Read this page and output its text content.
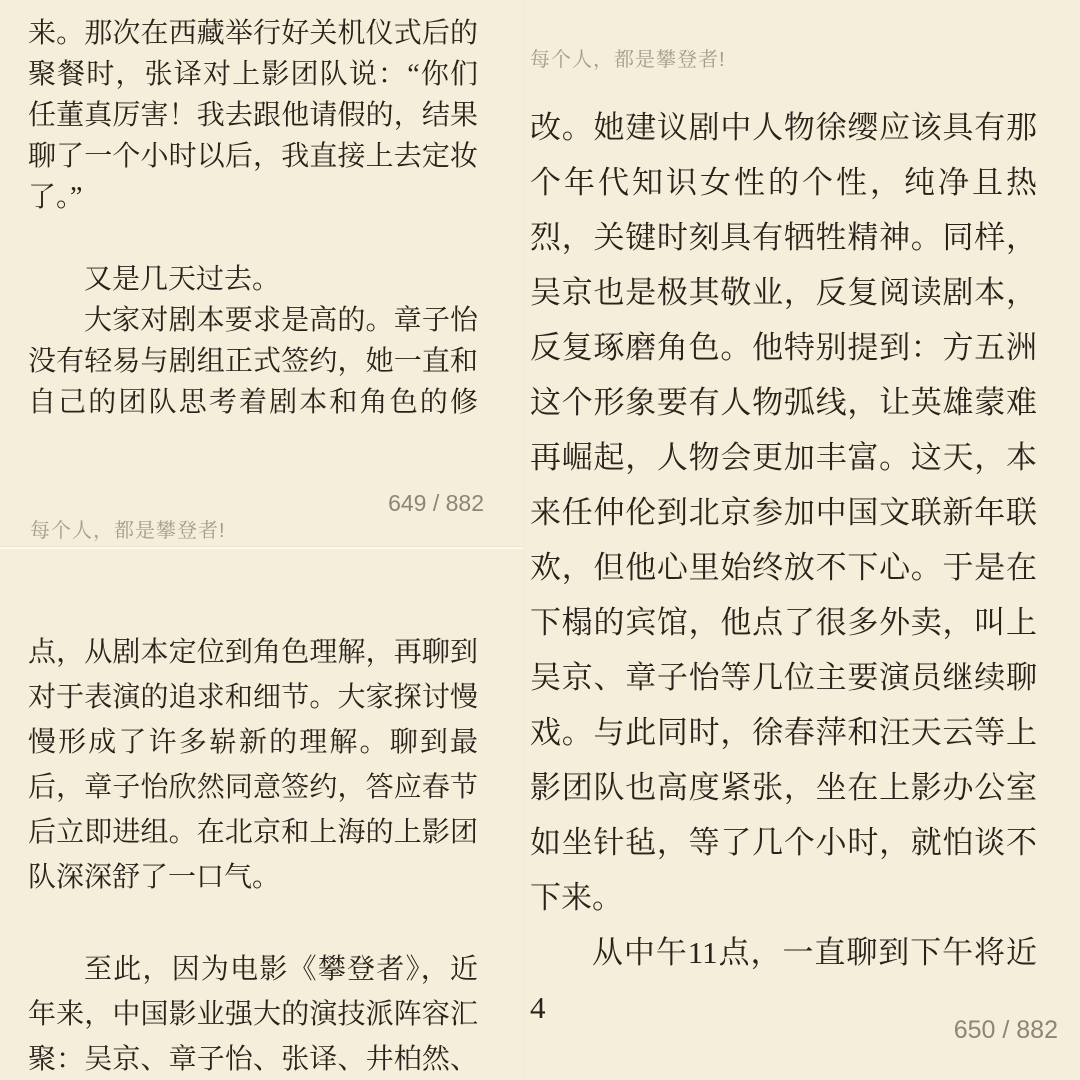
来。那次在西藏举行好关机仪式后的
聚餐时，张译对上影团队说：“你们
任董真厉害！我去跟他请假的，结果
聊了一个小时以后，我直接上去定妆
了。”
又是几天过去。
大家对剧本要求是高的。章子怡
没有轻易与剧组正式签约，她一直和
自己的团队思考着剧本和角色的修
649 / 882
每个人，都是攀登者!
点，从剧本定位到角色理解，再聊到
对于表演的追求和细节。大家探讨慢
慢形成了许多崭新的理解。聊到最
后，章子怡欣然同意签约，答应春节
后立即进组。在北京和上海的上影团
队深深舒了一口气。
至此，因为电影《攀登者》，近
年来，中国影业强大的演技派阵容汇
聚：吴京、章子怡、张译、井柏然、
每个人，都是攀登者!
改。她建议剧中人物徐缨应该具有那
个年代知识女性的个性，纯净且热
烈，关键时刻具有牺牲精神。同样，
吴京也是极其敬业，反复阅读剧本，
反复琢磨角色。他特别提到：方五洲
这个形象要有人物弧线，让英雄蒙难
再崛起，人物会更加丰富。这天，本
来任仲伦到北京参加中国文联新年联
欢，但他心里始终放不下心。于是在
下榻的宾馆，他点了很多外卖，叫上
吴京、章子怡等几位主要演员继续聊
戏。与此同时，徐春萍和汪天云等上
影团队也高度紧张，坐在上影办公室
如坐针毡，等了几个小时，就怕谈不
下来。
从中午11点，一直聊到下午将近4
650 / 882
